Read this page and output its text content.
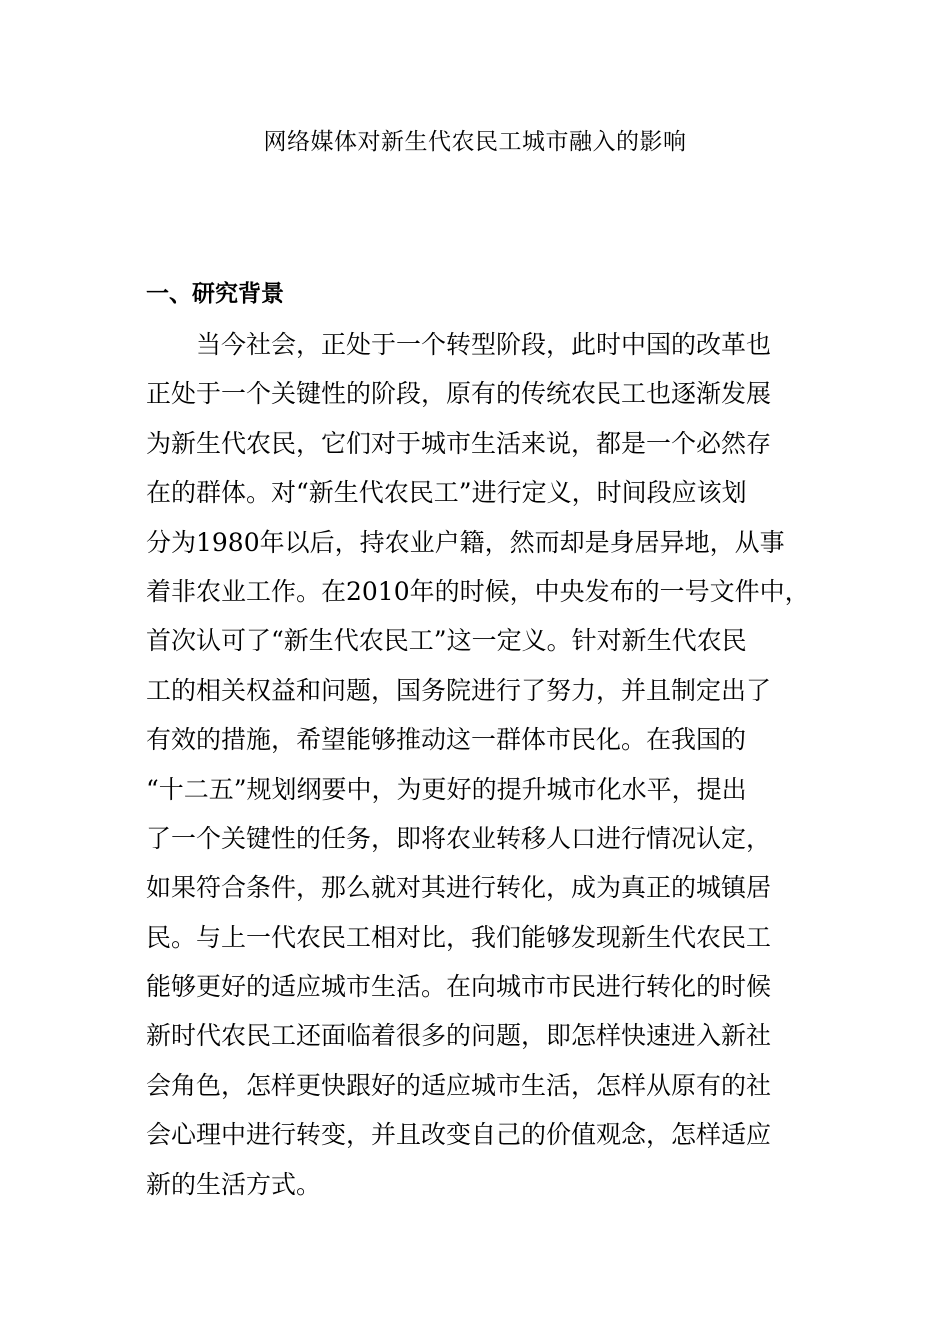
网络媒体对新生代农民工城市融入的影响
一、研究背景
当今社会，正处于一个转型阶段，此时中国的改革也
正处于一个关键性的阶段，原有的传统农民工也逐渐发展
为新生代农民，它们对于城市生活来说，都是一个必然存
在的群体。对“新生代农民工”进行定义，时间段应该划
分为1980年以后，持农业户籍，然而却是身居异地，从事
着非农业工作。在2010年的时候，中央发布的一号文件中，
首次认可了“新生代农民工”这一定义。针对新生代农民
工的相关权益和问题，国务院进行了努力，并且制定出了
有效的措施，希望能够推动这一群体市民化。在我国的
“十二五”规划纲要中，为更好的提升城市化水平，提出
了一个关键性的任务，即将农业转移人口进行情况认定，
如果符合条件，那么就对其进行转化，成为真正的城镇居
民。与上一代农民工相对比，我们能够发现新生代农民工
能够更好的适应城市生活。在向城市市民进行转化的时候
新时代农民工还面临着很多的问题，即怎样快速进入新社
会角色，怎样更快跟好的适应城市生活，怎样从原有的社
会心理中进行转变，并且改变自己的价值观念，怎样适应
新的生活方式。
